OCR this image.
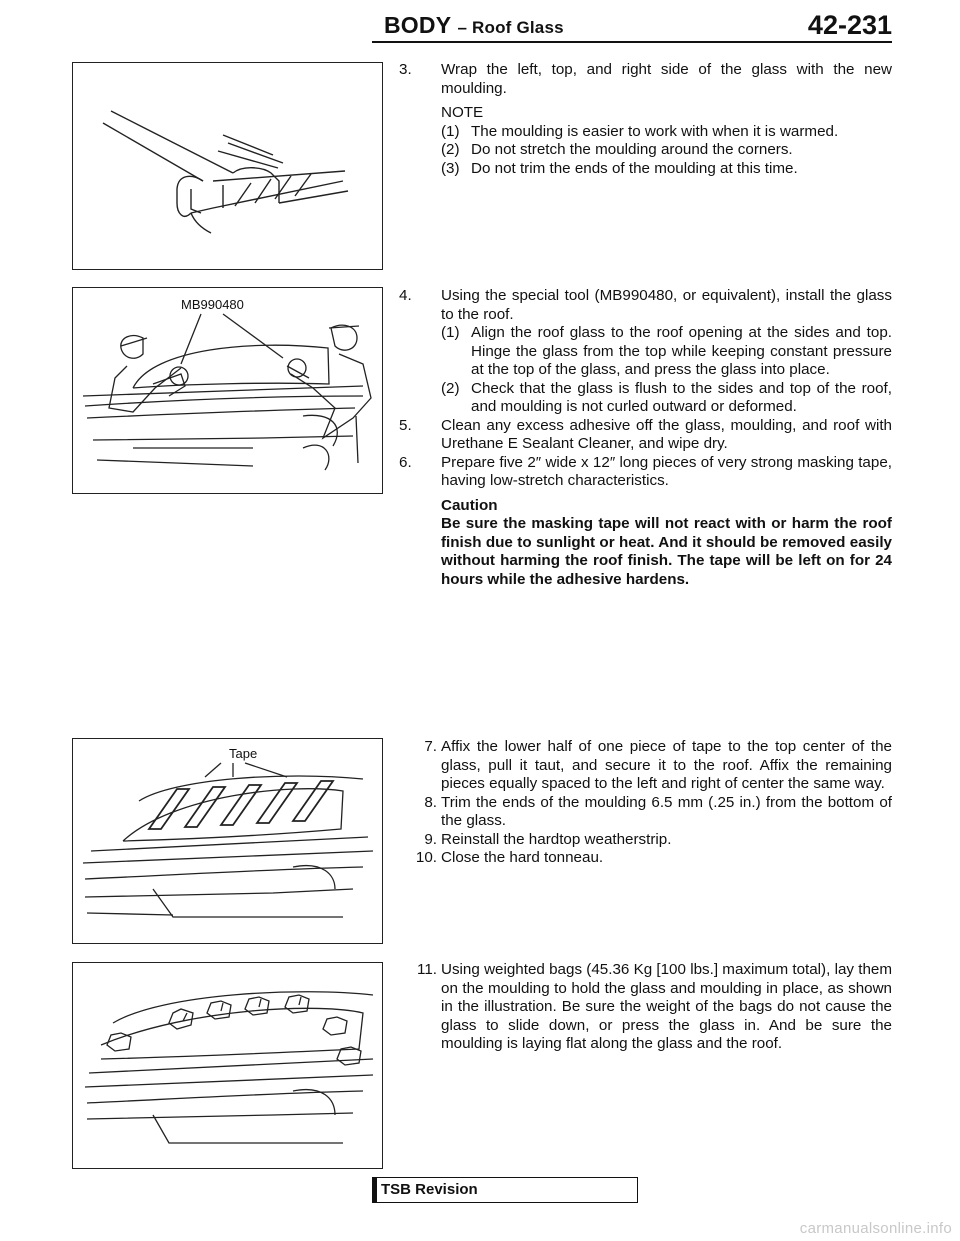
BODY – Roof Glass	42-231
MB990480
Tape
3.	Wrap the left, top, and right side of the glass with the new moulding.
NOTE
(1) The moulding is easier to work with when it is warmed.
(2) Do not stretch the moulding around the corners.
(3) Do not trim the ends of the moulding at this time.
4.	Using the special tool (MB990480, or equivalent), install the glass to the roof.
(1) Align the roof glass to the roof opening at the sides and top. Hinge the glass from the top while keeping constant pressure at the top of the glass, and press the glass into place.
(2) Check that the glass is flush to the sides and top of the roof, and moulding is not curled outward or deformed.
5.	Clean any excess adhesive off the glass, moulding, and roof with Urethane E Sealant Cleaner, and wipe dry.
6.	Prepare five 2″ wide x 12″ long pieces of very strong masking tape, having low-stretch characteristics.
Caution
Be sure the masking tape will not react with or harm the roof finish due to sunlight or heat. And it should be removed easily without harming the roof finish. The tape will be left on for 24 hours while the adhesive hardens.
7. Affix the lower half of one piece of tape to the top center of the glass, pull it taut, and secure it to the roof. Affix the remaining pieces equally spaced to the left and right of center the same way.
8. Trim the ends of the moulding 6.5 mm (.25 in.) from the bottom of the glass.
9. Reinstall the hardtop weatherstrip.
10. Close the hard tonneau.
11. Using weighted bags (45.36 Kg [100 lbs.] maximum total), lay them on the moulding to hold the glass and moulding in place, as shown in the illustration. Be sure the weight of the bags do not cause the glass to slide down, or press the glass in. And be sure the moulding is laying flat along the glass and the roof.
TSB Revision
carmanualsonline.info
